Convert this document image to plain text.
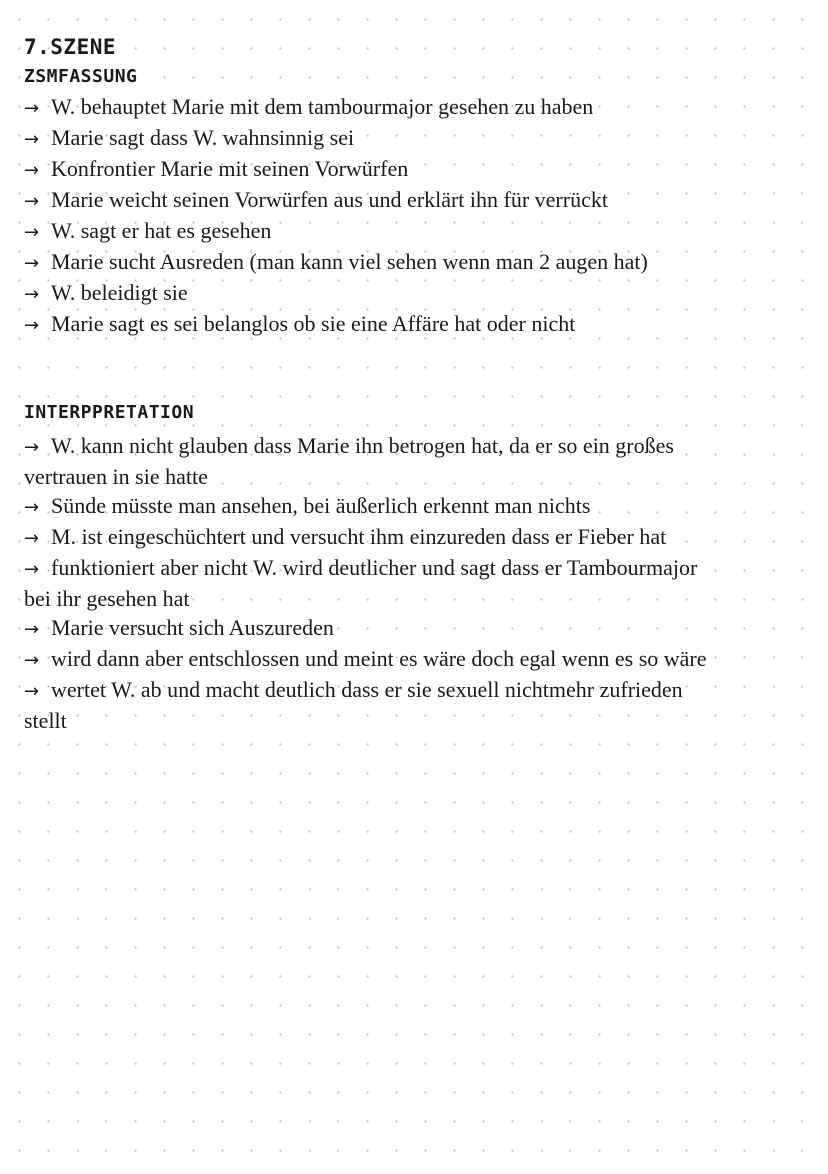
7.SZENE
ZSMFASSUNG
→ W. behauptet Marie mit dem tambourmajor gesehen zu haben
→ Marie sagt dass W. wahnsinnig sei
→ Konfrontier Marie mit seinen Vorwürfen
→ Marie weicht seinen Vorwürfen aus und erklärt ihn für verrückt
→ W. sagt er hat es gesehen
→ Marie sucht Ausreden (man kann viel sehen wenn man 2 augen hat)
→ W. beleidigt sie
→ Marie sagt es sei belanglos ob sie eine Affäre hat oder nicht
INTERPPRETATION
→ W. kann nicht glauben dass Marie ihn betrogen hat, da er so ein großes vertrauen in sie hatte
→ Sünde müsste man ansehen, bei äußerlich erkennt man nichts
→ M. ist eingeschüchtert und versucht ihm einzureden dass er Fieber hat
→ funktioniert aber nicht W. wird deutlicher und sagt dass er Tambourmajor bei ihr gesehen hat
→ Marie versucht sich Auszureden
→ wird dann aber entschlossen und meint es wäre doch egal wenn es so wäre
→ wertet W. ab und macht deutlich dass er sie sexuell nichtmehr zufrieden stellt
